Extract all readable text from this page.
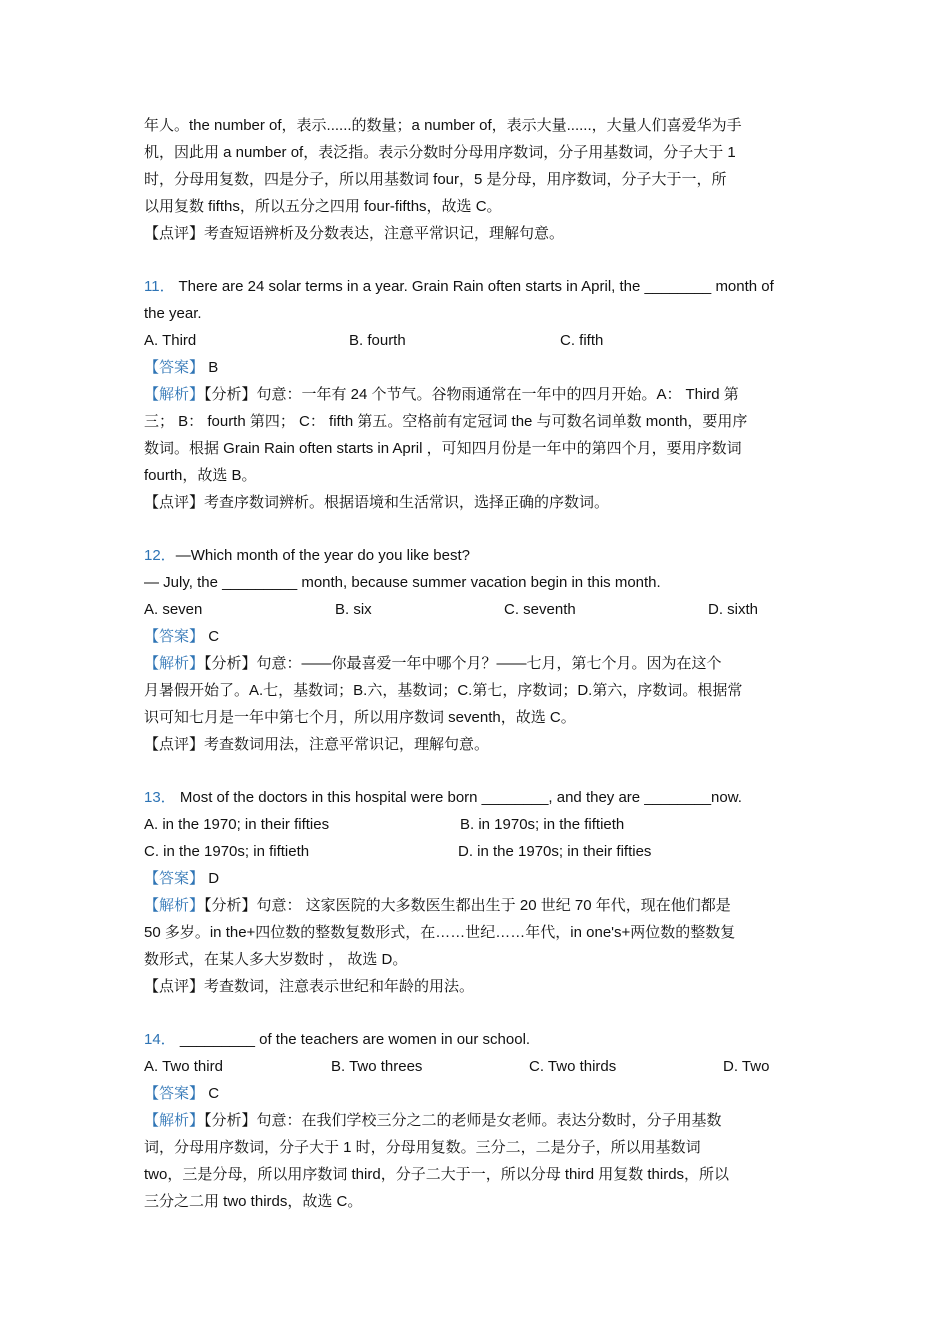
年人。the number of，表示......的数量；a number of，表示大量......，大量人们喜爱华为手

机，因此用 a number of，表泛指。表示分数时分母用序数词，分子用基数词，分子大于 1

时，分母用复数，四是分子，所以用基数词 four，5 是分母，用序数词，分子大于一，所

以用复数 fifths，所以五分之四用 four-fifths，故选 C。

【点评】考查短语辨析及分数表达，注意平常识记，理解句意。

11． There are 24 solar terms in a year. Grain Rain often starts in April, the ________ month of

the year.

A. Third	B. fourth	C. fifth

【答案】 B

【解析】【分析】句意：一年有 24 个节气。谷物雨通常在一年中的四月开始。A： Third 第

三； B： fourth 第四； C： fifth 第五。空格前有定冠词 the 与可数名词单数 month，要用序

数词。根据 Grain Rain often starts in April ，可知四月份是一年中的第四个月，要用序数词

fourth，故选 B。

【点评】考查序数词辨析。根据语境和生活常识，选择正确的序数词。

12．—Which month of the year do you like best?

— July, the _________ month, because summer vacation begin in this month.

A. seven	B. six	C. seventh	D. sixth

【答案】 C

【解析】【分析】句意：——你最喜爱一年中哪个月？——七月，第七个月。因为在这个

月暑假开始了。A.七，基数词；B.六，基数词；C.第七，序数词；D.第六，序数词。根据常

识可知七月是一年中第七个月，所以用序数词 seventh，故选 C。

【点评】考查数词用法，注意平常识记，理解句意。

13． Most of the doctors in this hospital were born ________, and they are ________now.

A. in the 1970; in their fifties	B. in 1970s; in the fiftieth
C. in the 1970s; in fiftieth	D. in the 1970s; in their fifties

【答案】 D

【解析】【分析】句意： 这家医院的大多数医生都出生于 20 世纪 70 年代，现在他们都是

50 多岁。in the+四位数的整数复数形式，在……世纪……年代，in one's+两位数的整数复

数形式，在某人多大岁数时 ， 故选 D。

【点评】考查数词，注意表示世纪和年龄的用法。

14． _________ of the teachers are women in our school.

A. Two third	B. Two threes	C. Two thirds	D. Two

【答案】 C

【解析】【分析】句意：在我们学校三分之二的老师是女老师。表达分数时，分子用基数

词，分母用序数词，分子大于 1 时，分母用复数。三分二，二是分子，所以用基数词

two，三是分母，所以用序数词 third，分子二大于一，所以分母 third 用复数 thirds，所以

三分之二用 two thirds，故选 C。
